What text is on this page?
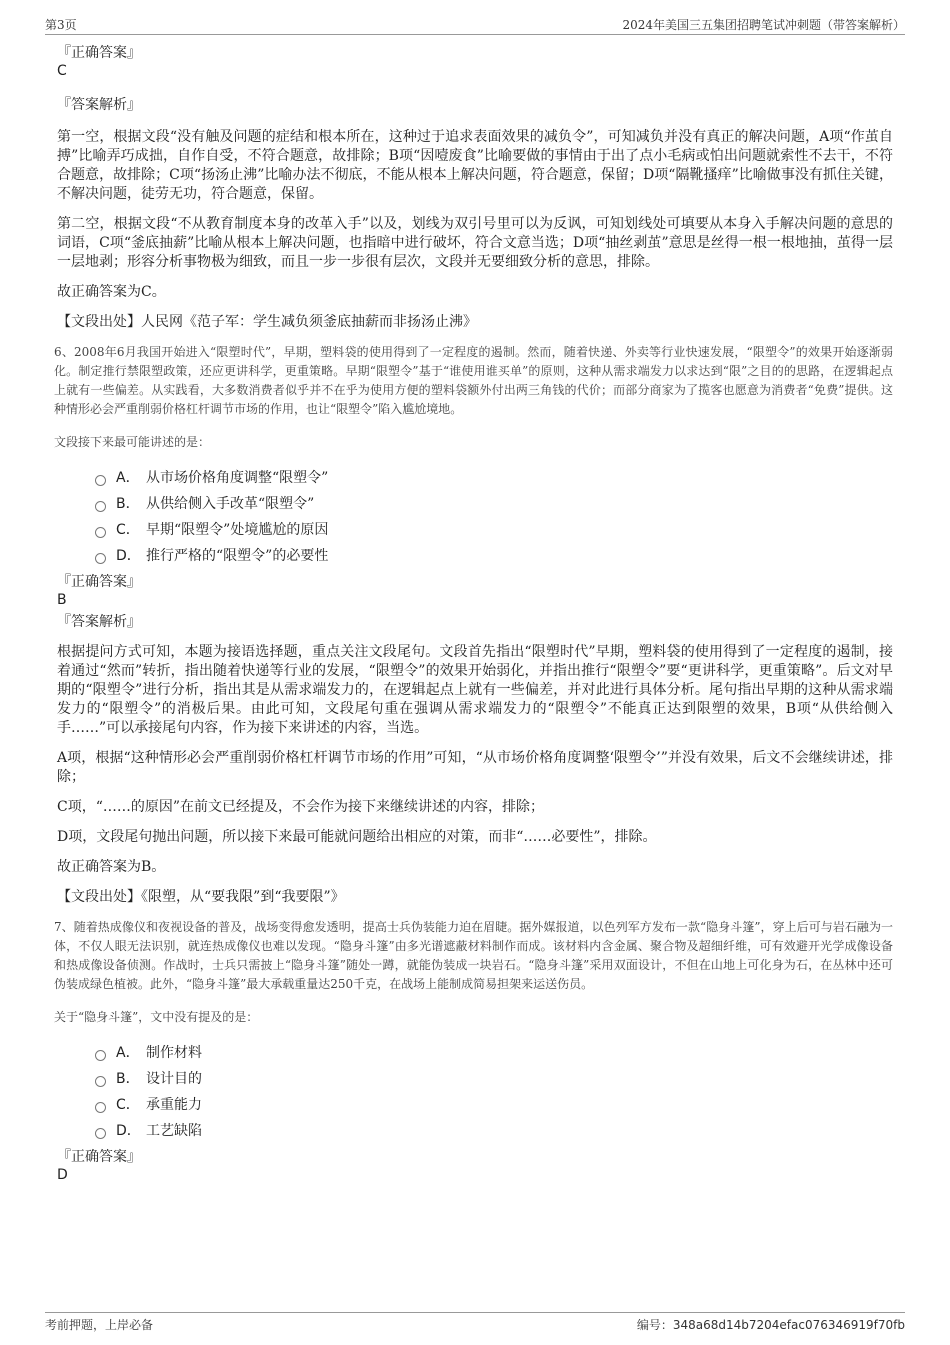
第3页	2024年美国三五集团招聘笔试冲刺题（带答案解析）
『正确答案』
C
『答案解析』

第一空，根据文段“没有触及问题的症结和根本所在，这种过于追求表面效果的减负令”，可知减负并没有真正的解决问题，A项“作茧自搏”比喻弄巧成拙，自作自受，不符合题意，故排除；B项“因噎废食”比喻要做的事情由于出了点小毛病或怕出问题就索性不去干，不符合题意，故排除；C项“扬汤止沸”比喻办法不彻底，不能从根本上解决问题，符合题意，保留；D项“隔靴搔痒”比喻做事没有抓住关键，不解决问题，徒劳无功，符合题意，保留。

第二空，根据文段“不从教育制度本身的改革入手”以及，划线为双引号里可以为反讽，可知划线处可填要从本身入手解决问题的意思的词语，C项“釜底抽薪”比喻从根本上解决问题，也指暗中进行破坏，符合文意当选；D项“抽丝剥茧”意思是丝得一根一根地抽，茧得一层一层地剥；形容分析事物极为细致，而且一步一步很有层次，文段并无要细致分析的意思，排除。

故正确答案为C。

【文段出处】人民网《范子军：学生减负须釜底抽薪而非扬汤止沸》

6、2008年6月我国开始进入“限塑时代”，早期，塑料袋的使用得到了一定程度的遏制。然而，随着快递、外卖等行业快速发展，“限塑令”的效果开始逐渐弱化。制定推行禁限塑政策，还应更讲科学，更重策略。早期“限塑令”基于“谁使用谁买单”的原则，这种从需求端发力以求达到“限”之目的的思路，在逻辑起点上就有一些偏差。从实践看，大多数消费者似乎并不在乎为使用方便的塑料袋额外付出两三角钱的代价；而部分商家为了揽客也愿意为消费者“免费”提供。这种情形必会严重削弱价格杠杆调节市场的作用，也让“限塑令”陷入尴尬境地。

文段接下来最可能讲述的是：
A． 从市场价格角度调整“限塑令”
B． 从供给侧入手改革“限塑令”
C． 早期“限塑令”处境尴尬的原因
D． 推行严格的“限塑令”的必要性
『正确答案』
B
『答案解析』

根据提问方式可知，本题为接语选择题，重点关注文段尾句。文段首先指出“限塑时代”早期，塑料袋的使用得到了一定程度的遏制，接着通过“然而”转折，指出随着快递等行业的发展，“限塑令”的效果开始弱化，并指出推行“限塑令”要“更讲科学，更重策略”。后文对早期的“限塑令”进行分析，指出其是从需求端发力的，在逻辑起点上就有一些偏差，并对此进行具体分析。尾句指出早期的这种从需求端发力的“限塑令”的消极后果。由此可知，文段尾句重在强调从需求端发力的“限塑令”不能真正达到限塑的效果，B项“从供给侧入手……”可以承接尾句内容，作为接下来讲述的内容，当选。

A项，根据“这种情形必会严重削弱价格杠杆调节市场的作用”可知，“从市场价格角度调整‘限塑令’”并没有效果，后文不会继续讲述，排除；

C项，“……的原因”在前文已经提及，不会作为接下来继续讲述的内容，排除；

D项，文段尾句抛出问题，所以接下来最可能就问题给出相应的对策，而非“……必要性”，排除。

故正确答案为B。

【文段出处】《限塑，从“要我限”到“我要限”》

7、随着热成像仪和夜视设备的普及，战场变得愈发透明，提高士兵伪装能力迫在眉睫。据外媒报道，以色列军方发布一款“隐身斗篷”，穿上后可与岩石融为一体，不仅人眼无法识别，就连热成像仪也难以发现。“隐身斗篷”由多光谱遮蔽材料制作而成。该材料内含金属、聚合物及超细纤维，可有效避开光学成像设备和热成像设备侦测。作战时，士兵只需披上“隐身斗篷”随处一蹲，就能伪装成一块岩石。“隐身斗篷”采用双面设计，不但在山地上可化身为石，在丛林中还可伪装成绿色植被。此外，“隐身斗篷”最大承载重量达250千克，在战场上能制成简易担架来运送伤员。

关于“隐身斗篷”，文中没有提及的是：
A． 制作材料
B． 设计目的
C． 承重能力
D． 工艺缺陷
『正确答案』
D
考前押题，上岸必备	编号：348a68d14b7204efac076346919f70fb
